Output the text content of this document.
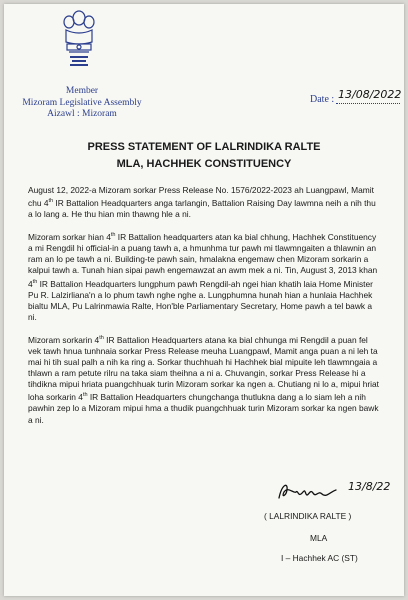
Member
Mizoram Legislative Assembly
Aizawl : Mizoram
Date : 13/08/2022
PRESS STATEMENT OF LALRINDIKA RALTE
MLA, HACHHEK CONSTITUENCY

August 12, 2022-a Mizoram sorkar Press Release No. 1576/2022-2023 ah Luangpawl, Mamit chu 4th IR Battalion Headquarters anga tarlangin, Battalion Raising Day lawmna neih a nih thu a lo lang a. He thu hian min thawng hle a ni.

Mizoram sorkar hian 4th IR Battalion headquarters atan ka bial chhung, Hachhek Constituency a mi Rengdil hi official-in a puang tawh a, a hmunhma tur pawh mi tlawmngaiten a thlawnin an ram an lo pe tawh a ni. Building-te pawh sain, hmalakna engemaw chen Mizoram sorkarin a kalpui tawh a. Tunah hian sipai pawh engemawzat an awm mek a ni. Tin, August 3, 2013 khan 4th IR Battalion Headquarters lungphum pawh Rengdil-ah ngei hian khatih laia Home Minister Pu R. Lalzirliana'n a lo phum tawh nghe nghe a. Lungphumna hunah hian a hunlaia Hachhek bialtu MLA, Pu Lalrinmawia Ralte, Hon'ble Parliamentary Secretary, Home pawh a tel bawk a ni.

Mizoram sorkarin 4th IR Battalion Headquarters atana ka bial chhunga mi Rengdil a puan fel vek tawh hnua tunhnaia sorkar Press Release meuha Luangpawl, Mamit anga puan a ni leh ta mai hi tih sual palh a nih ka ring a. Sorkar thuchhuah hi Hachhek bial mipuite leh tlawmngaia a thlawn a ram petute rilru na taka siam theihna a ni a. Chuvangin, sorkar Press Release hi a tihdikna mipui hriata puangchhuak turin Mizoram sorkar ka ngen a. Chutiang ni lo a, mipui hriat loha sorkarin 4th IR Battalion Headquarters chungchanga thutlukna dang a lo siam leh a nih pawhin zep lo a Mizoram mipui hma a thudik puangchhuak turin Mizoram sorkar ka ngen bawk a ni.

13/8/22
( LALRINDIKA RALTE )
MLA
I – Hachhek AC (ST)
